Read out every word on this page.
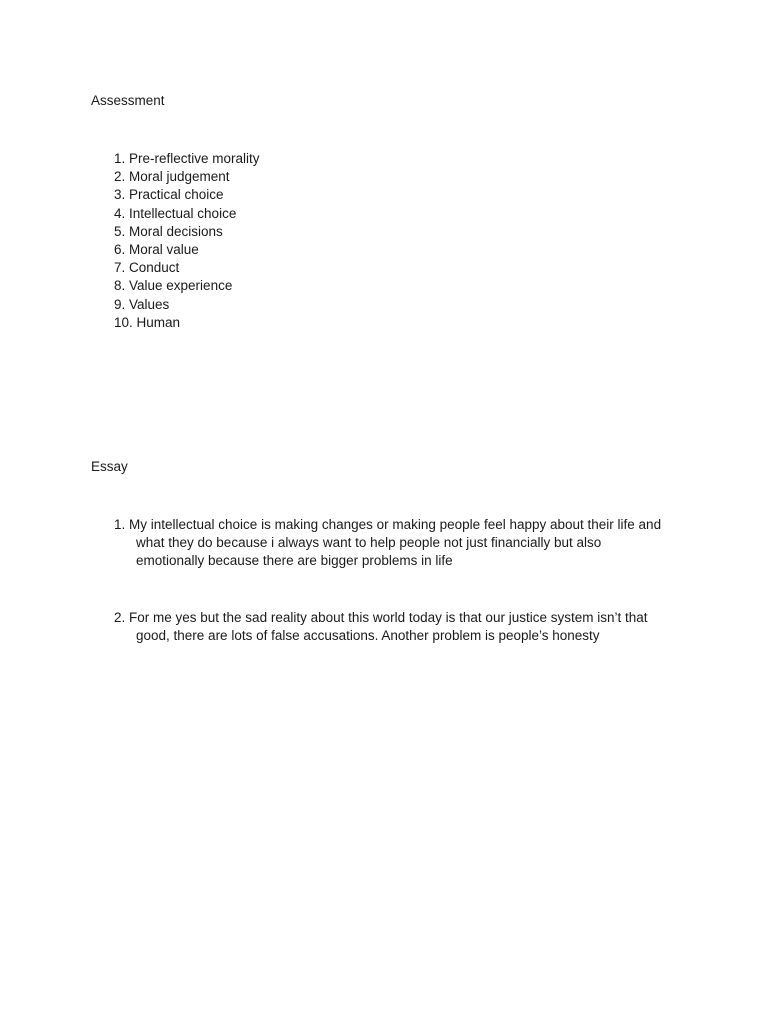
Assessment
1. Pre-reflective morality
2. Moral judgement
3. Practical choice
4. Intellectual choice
5. Moral decisions
6. Moral value
7. Conduct
8. Value experience
9. Values
10. Human
Essay

1. My intellectual choice is making changes or making people feel happy about their life and
what they do because i always want to help people not just financially but also
emotionally because there are bigger problems in life

2. For me yes but the sad reality about this world today is that our justice system isn’t that
good, there are lots of false accusations. Another problem is people’s honesty
